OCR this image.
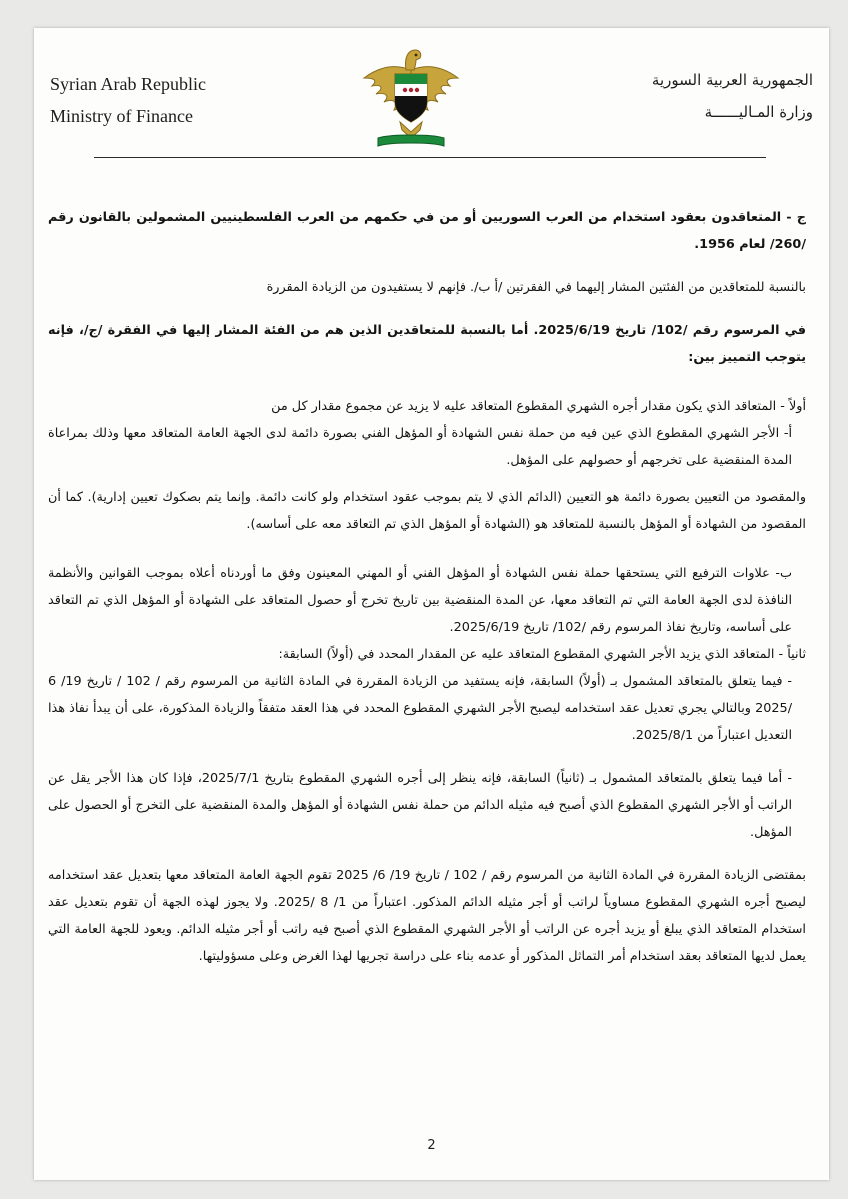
Syrian Arab Republic
Ministry of Finance
الجمهورية العربية السورية
وزارة المـاليــــــة

ج - المتعاقدون بعقود استخدام من العرب السوريين أو من في حكمهم من العرب الفلسطينيين المشمولين بالقانون رقم /260/ لعام 1956.

بالنسبة للمتعاقدين من الفئتين المشار إليهما في الفقرتين /أ ب/. فإنهم لا يستفيدون من الزيادة المقررة

في المرسوم رقم /102/ تاريخ 2025/6/19. أما بالنسبة للمتعاقدين الذين هم من الفئة المشار إليها في الفقرة /ج/، فإنه يتوجب التمييز بين:

أولاً - المتعاقد الذي يكون مقدار أجره الشهري المقطوع المتعاقد عليه لا يزيد عن مجموع مقدار كل من

أ- الأجر الشهري المقطوع الذي عين فيه من حملة نفس الشهادة أو المؤهل الفني بصورة دائمة لدى الجهة العامة المتعاقد معها وذلك بمراعاة المدة المنقضية على تخرجهم أو حصولهم على المؤهل.

والمقصود من التعيين بصورة دائمة هو التعيين (الدائم الذي لا يتم بموجب عقود استخدام ولو كانت دائمة. وإنما يتم بصكوك تعيين إدارية). كما أن المقصود من الشهادة أو المؤهل بالنسبة للمتعاقد هو (الشهادة أو المؤهل الذي تم التعاقد معه على أساسه).

ب- علاوات الترفيع التي يستحقها حملة نفس الشهادة أو المؤهل الفني أو المهني المعينون وفق ما أوردناه أعلاه بموجب القوانين والأنظمة النافذة لدى الجهة العامة التي تم التعاقد معها، عن المدة المنقضية بين تاريخ تخرج أو حصول المتعاقد على الشهادة أو المؤهل الذي تم التعاقد على أساسه، وتاريخ نفاذ المرسوم رقم /102/ تاريخ 2025/6/19.

ثانياً - المتعاقد الذي يزيد الأجر الشهري المقطوع المتعاقد عليه عن المقدار المحدد في (أولاً) السابقة:

- فيما يتعلق بالمتعاقد المشمول بـ (أولاً) السابقة، فإنه يستفيد من الزيادة المقررة في المادة الثانية من المرسوم رقم / 102 / تاريخ 19/ 6 /2025 وبالتالي يجري تعديل عقد استخدامه ليصبح الأجر الشهري المقطوع المحدد في هذا العقد متفقاً والزيادة المذكورة، على أن يبدأ نفاذ هذا التعديل اعتباراً من 2025/8/1.

- أما فيما يتعلق بالمتعاقد المشمول بـ (ثانياً) السابقة، فإنه ينظر إلى أجره الشهري المقطوع بتاريخ 2025/7/1، فإذا كان هذا الأجر يقل عن الراتب أو الأجر الشهري المقطوع الذي أصبح فيه مثيله الدائم من حملة نفس الشهادة أو المؤهل والمدة المنقضية على التخرج أو الحصول على المؤهل.

بمقتضى الزيادة المقررة في المادة الثانية من المرسوم رقم / 102 / تاريخ 19/ 6/ 2025 تقوم الجهة العامة المتعاقد معها بتعديل عقد استخدامه ليصبح أجره الشهري المقطوع مساوياً لراتب أو أجر مثيله الدائم المذكور. اعتباراً من 1/ 8 /2025. ولا يجوز لهذه الجهة أن تقوم بتعديل عقد استخدام المتعاقد الذي يبلغ أو يزيد أجره عن الراتب أو الأجر الشهري المقطوع الذي أصبح فيه راتب أو أجر مثيله الدائم. ويعود للجهة العامة التي يعمل لديها المتعاقد بعقد استخدام أمر التماثل المذكور أو عدمه بناء على دراسة تجريها لهذا الغرض وعلى مسؤوليتها.

2
